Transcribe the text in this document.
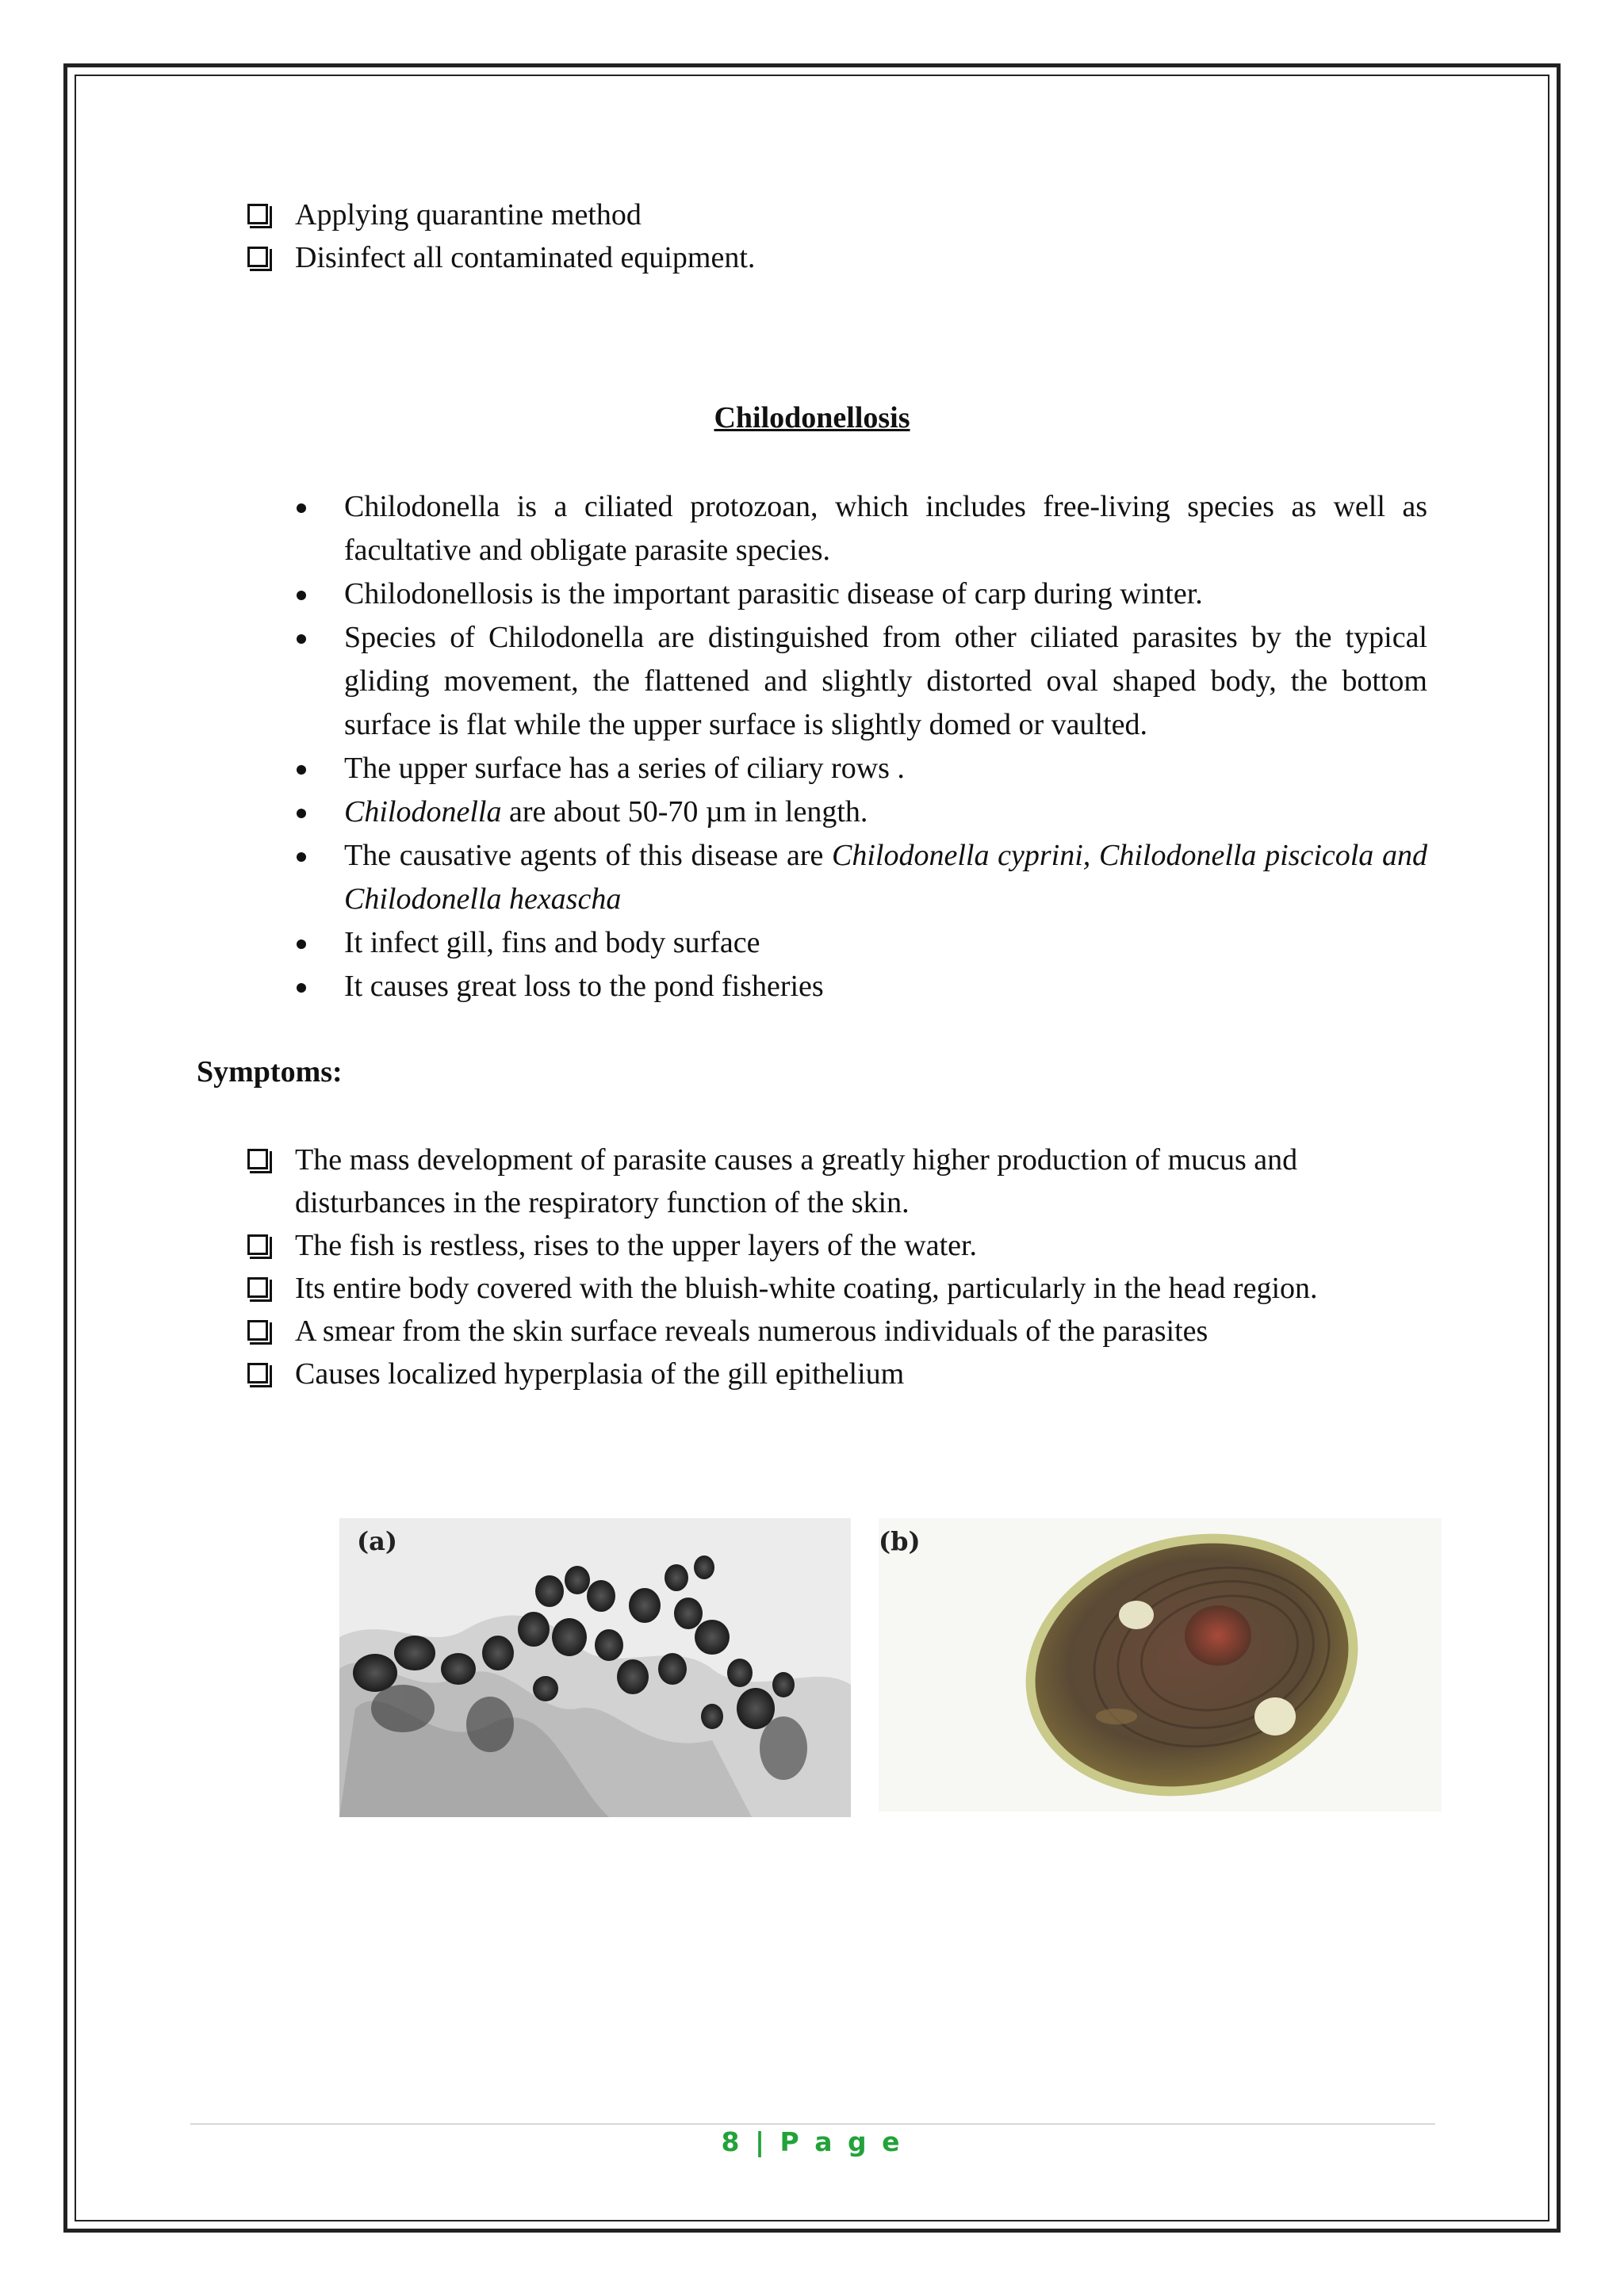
Applying quarantine method
Disinfect all contaminated equipment.
Chilodonellosis
Chilodonella is a ciliated protozoan, which includes free-living species as well as facultative and obligate parasite species.
Chilodonellosis is the important parasitic disease of carp during winter.
Species of Chilodonella are distinguished from other ciliated parasites by the typical gliding movement, the flattened and slightly distorted oval shaped body, the bottom surface is flat while the upper surface is slightly domed or vaulted.
The upper surface has a series of ciliary rows .
Chilodonella are about 50-70 µm in length.
The causative agents of this disease are Chilodonella cyprini, Chilodonella piscicola and Chilodonella hexascha
It infect gill, fins and body surface
It causes great loss to the pond fisheries
Symptoms:
The mass development of parasite causes a greatly higher production of mucus and disturbances in the respiratory function of the skin.
The fish is restless, rises to the upper layers of the water.
Its entire body covered with the bluish-white coating, particularly in the head region.
A smear from the skin surface reveals numerous individuals of the parasites
Causes localized hyperplasia of the gill epithelium
(a)	(b)
8 | P a g e
